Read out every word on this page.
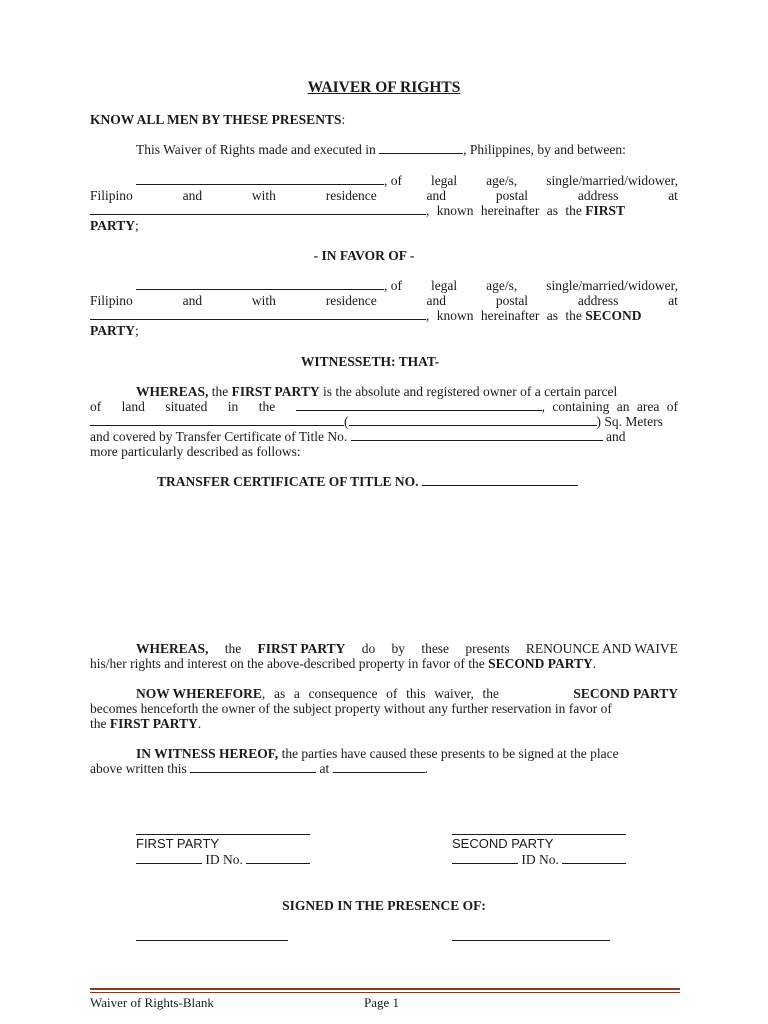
WAIVER OF RIGHTS
KNOW ALL MEN BY THESE PRESENTS:
This Waiver of Rights made and executed in	, Philippines, by and between:
, of legal age/s, single/married/widower,
Filipino	and	with	residence	and	postal	address	at
, known hereinafter as the FIRST
PARTY;
- IN FAVOR OF -
, of legal age/s, single/married/widower,
Filipino	and	with	residence	and	postal	address	at
, known hereinafter as the SECOND
PARTY;
WITNESSETH: THAT-
WHEREAS, the FIRST PARTY is the absolute and registered owner of a certain parcel
of land situated in the	, containing an area of
(	) Sq. Meters
and covered by Transfer Certificate of Title No.	and
more particularly described as follows:
TRANSFER CERTIFICATE OF TITLE NO.
WHEREAS, the FIRST PARTY do by these presents RENOUNCE AND WAIVE
his/her rights and interest on the above-described property in favor of the SECOND PARTY.
NOW WHEREFORE, as a consequence of this waiver, the	SECOND PARTY
becomes henceforth the owner of the subject property without any further reservation in favor of
the FIRST PARTY.
IN WITNESS HEREOF, the parties have caused these presents to be signed at the place
above written this	at	.
FIRST PARTY	SECOND PARTY
ID No.	ID No.
SIGNED IN THE PRESENCE OF:
Waiver of Rights-Blank	Page 1
